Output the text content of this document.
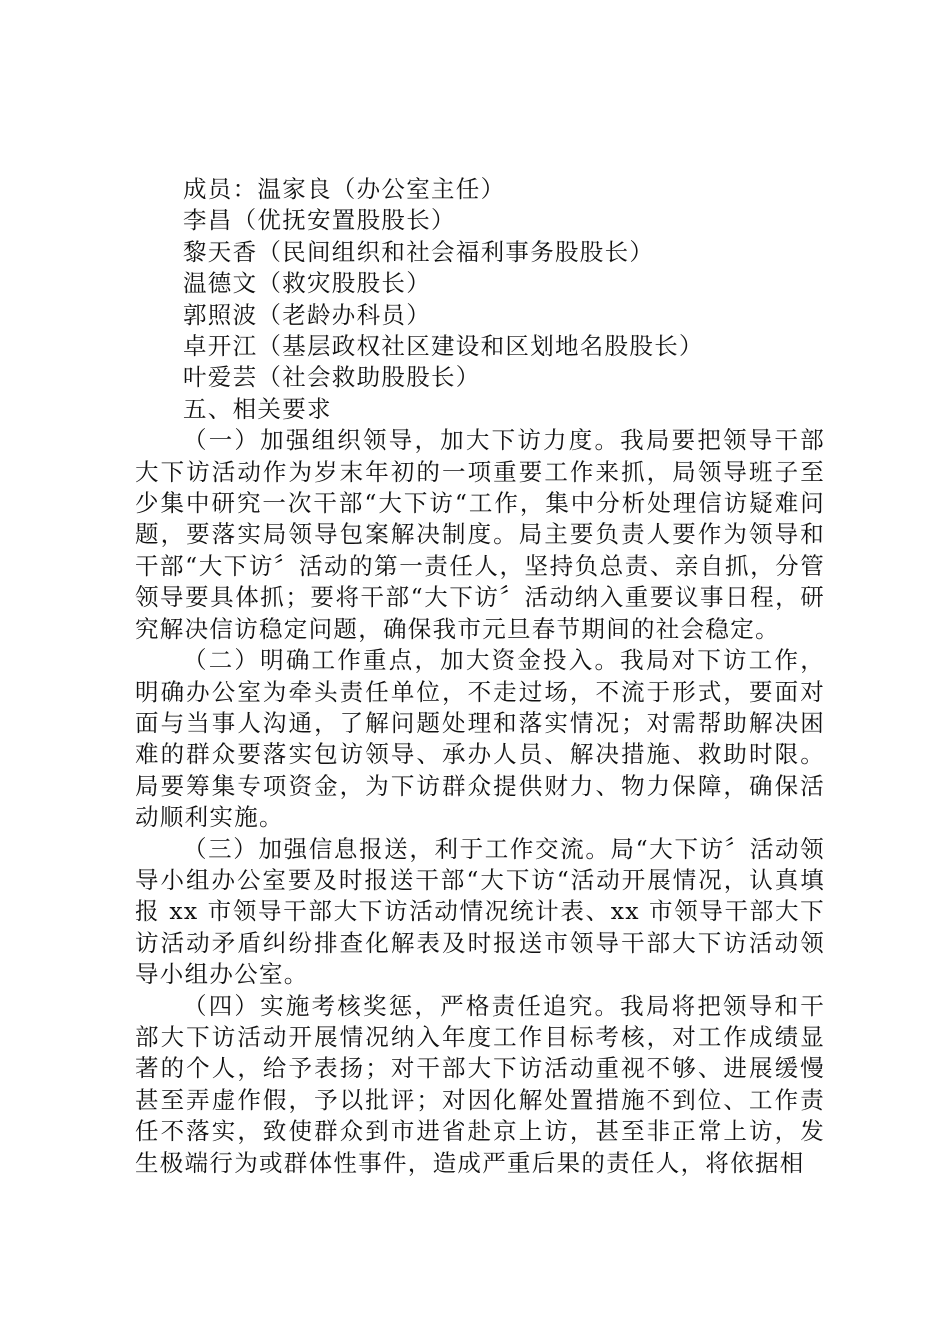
成员：温家良（办公室主任）
李昌（优抚安置股股长）
黎天香（民间组织和社会福利事务股股长）
温德文（救灾股股长）
郭照波（老龄办科员）
卓开江（基层政权社区建设和区划地名股股长）
叶爱芸（社会救助股股长）
五、相关要求
（一）加强组织领导，加大下访力度。我局要把领导干部大下访活动作为岁末年初的一项重要工作来抓，局领导班子至少集中研究一次干部“大下访“工作，集中分析处理信访疑难问题，要落实局领导包案解决制度。局主要负责人要作为领导和干部“大下访〞活动的第一责任人，坚持负总责、亲自抓，分管领导要具体抓；要将干部“大下访〞活动纳入重要议事日程，研究解决信访稳定问题，确保我市元旦春节期间的社会稳定。
（二）明确工作重点，加大资金投入。我局对下访工作，明确办公室为牵头责任单位，不走过场，不流于形式，要面对面与当事人沟通，了解问题处理和落实情况；对需帮助解决困难的群众要落实包访领导、承办人员、解决措施、救助时限。局要筹集专项资金，为下访群众提供财力、物力保障，确保活动顺利实施。
（三）加强信息报送，利于工作交流。局“大下访〞活动领导小组办公室要及时报送干部“大下访“活动开展情况，认真填报 xx 市领导干部大下访活动情况统计表、xx 市领导干部大下访活动矛盾纠纷排查化解表及时报送市领导干部大下访活动领导小组办公室。
（四）实施考核奖惩，严格责任追究。我局将把领导和干部大下访活动开展情况纳入年度工作目标考核，对工作成绩显著的个人，给予表扬；对干部大下访活动重视不够、进展缓慢甚至弄虚作假，予以批评；对因化解处置措施不到位、工作责任不落实，致使群众到市进省赴京上访，甚至非正常上访，发生极端行为或群体性事件，造成严重后果的责任人，将依据相
